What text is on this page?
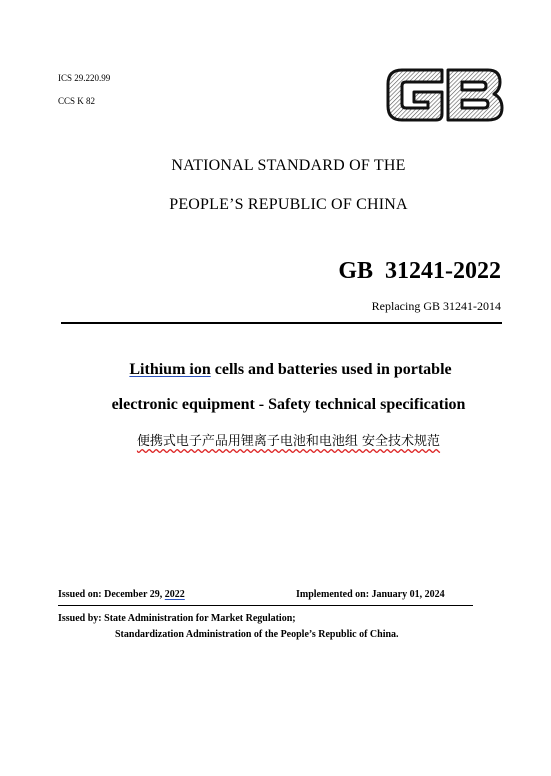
ICS 29.220.99
CCS K 82
NATIONAL STANDARD OF THE
PEOPLE’S REPUBLIC OF CHINA
GB  31241-2022
Replacing GB 31241-2014
Lithium ion cells and batteries used in portable
electronic equipment - Safety technical specification
便携式电子产品用锂离子电池和电池组 安全技术规范
Issued on: December 29, 2022	Implemented on: January 01, 2024
Issued by: State Administration for Market Regulation;
Standardization Administration of the People’s Republic of China.
